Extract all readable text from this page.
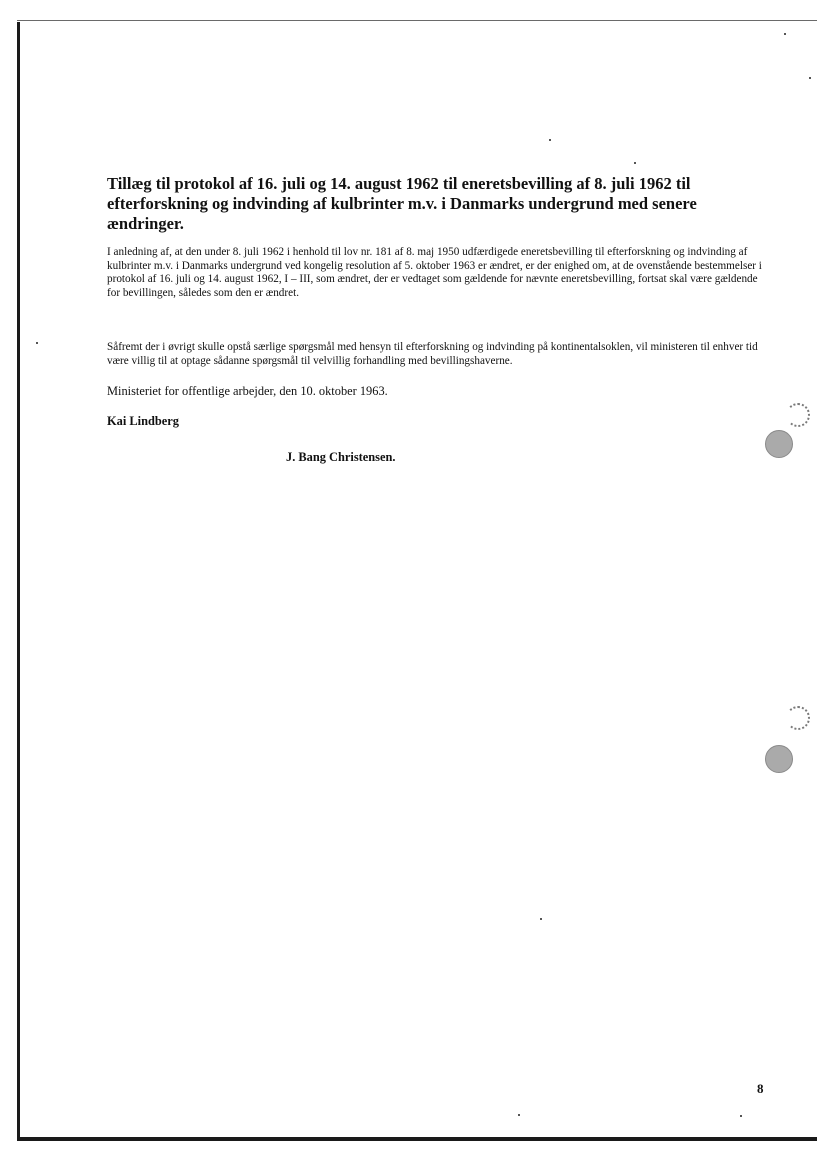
Tillæg til protokol af 16. juli og 14. august 1962 til eneretsbevilling af 8. juli 1962 til efterforskning og indvinding af kulbrinter m.v. i Danmarks undergrund med senere ændringer.

I anledning af, at den under 8. juli 1962 i henhold til lov nr. 181 af 8. maj 1950 udfærdigede eneretsbevilling til efterforskning og indvinding af kulbrinter m.v. i Danmarks undergrund ved kongelig resolution af 5. oktober 1963 er ændret, er der enighed om, at de ovenstående bestemmelser i protokol af 16. juli og 14. august 1962, I – III, som ændret, der er vedtaget som gældende for nævnte eneretsbevilling, fortsat skal være gældende for bevillingen, således som den er ændret.

Såfremt der i øvrigt skulle opstå særlige spørgsmål med hensyn til efterforskning og indvinding på kontinentalsoklen, vil ministeren til enhver tid være villig til at optage sådanne spørgsmål til velvillig forhandling med bevillingshaverne.

Ministeriet for offentlige arbejder, den 10. oktober 1963.

Kai Lindberg

J. Bang Christensen.

8
